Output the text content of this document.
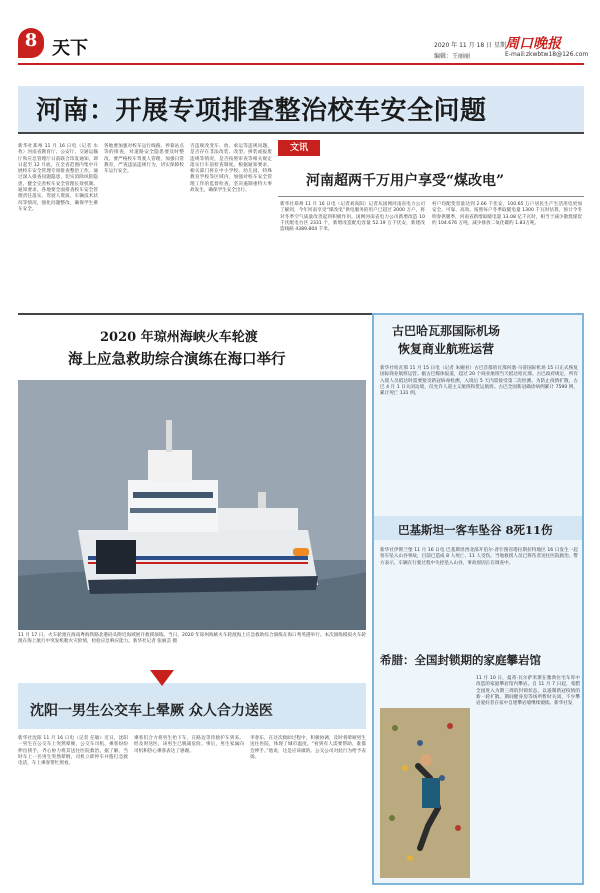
8 天下	2020 年 11 月 18 日 星期三
周口晚报
编辑：王丽丽	E-mail:zkwbtw18@126.com
河南：开展专项排查整治校车安全问题
新华社郑州 11 月 16 日电（记者 水孜）河南省教育厅、公安厅、交通运输厅和应急管理厅日前联合印发通知，即日起至 12 月底，在全省范围内集中开展校车安全管理专项排查整治工作。通过深入排查问题隐患，切实消除风险隐患，健全完善校车安全管理长效机制。通知要求，各地要全面排查校车安全管理责任落实、驾驶人资质、车辆技术状况等情况，强化问题整改，确保学生乘车安全。
各地要加强对校车运行线路、停靠站点等的排查，对道路安全隐患要及时整改。要严格校车驾驶人管理，加强日常教育，严查违法违规行为，切实保障校车运行安全。
否违规改变车、放、承运等违规问题，是否存在非法改装、改型、拼装或报废违规等情况，是否按照审查等相关规定落实行车前检查制度。根据通知要求，相关部门将在中小学校、幼儿园、特殊教育学校等区域内，加强对校车安全管理工作的监督检查，坚决遏制重特大事故发生，确保学生安全出行。
文讯
河南超两千万用户享受“煤改电”
新华社郑州 11 月 16 日电（记者刘高阳）记者从国网河南省电力公司了解到，今年河南享受“煤改电”供电服务的用户已超过 2000 万户，将对冬季空气质量改善起到积极作用。国网河南省电力公司新增改造 10 千伏配电台区 2331 个，新增改造配电容量 52.19 万千伏安，新建改造线路 4389.804 千米。
村户均配变容量达到 2.66 千伏安，100.65 万户居民生产生活用电更加安全、可靠、高效。按照每户冬季取暖电量 1300 千瓦时估算，预计今冬明春供暖季，河南省新增取暖电量 13.08 亿千瓦时，相当于减少散烧煤炭约 104.676 万吨，减少排放二氧化碳约 1.83万吨。
2020 年琼州海峡火车轮渡
海上应急救助综合演练在海口举行
11 月 17 日，火车轮渡在海南粤海铁路北港码头附近海域展开救援演练。当日，2020 年琼州海峡火车轮渡海上应急救助综合演练在海口秀英港举行。本次演练模拟火车轮渡在海上航行中突发机舱火灾险情，检验应急响应能力。新华社记者 张丽芸 摄
古巴哈瓦那国际机场
恢复商业航班运营
新华社哈瓦那 11 月 15 日电（记者 朱婉君）古巴首都哈瓦那何塞·马蒂国际机场 15 日正式恢复国际商业航班运营。据古巴媒体报道，超过 20 个商业航班当天抵达哈瓦那。古巴政府规定，所有入境人员抵达时需要接受新冠病毒检测，入境后 5 天内需接受第二次检测。为防止疫情扩散，古巴 4 月 1 日关闭边境，仅允许人道主义航班和货运航班。古巴全国新冠确诊病例累计 7590 例，累计死亡 131 例。
巴基斯坦一客车坠谷 8死11伤
新华社伊斯兰堡 11 月 16 日电 巴基斯坦西北部开伯尔-普什图省塔拉斯拉特地区 16 日发生一起客车坠入山谷事故，目前已造成 8 人死亡、11 人受伤。当地救援人员已将伤者送往医院救治。警方表示，车辆在行驶过程中失控坠入山谷，事故原因正在调查中。
希腊：全国封锁期的家庭攀岩馆
11 月 10 日，曼蒂·瓦尔萨米斯在雅典住宅车库中改造的家庭攀岩馆内攀岩。自 11 月 7 日起，希腊全国进入为期三周的封锁状态，以遏制新冠疫情的新一轮扩散。期间健身房等场所暂时关闭，不少攀岩爱好者在家中自建攀岩墙继续锻炼。新华社发
沈阳一男生公交车上晕厥 众人合力送医
新华社沈阳 11 月 16 日电（记者 任敏）近日，沈阳一男生在公交车上突然晕厥，公交车司机、乘客纷纷伸出援手，齐心协力将其送往医院救治。据了解，当时车上一名男生突然晕倒，司机立即停车并拨打急救电话，车上乘客帮忙照看。
乘客们合力将男生抬下车，在路边等待救护车到来。经及时送医，该男生已脱离危险。事后，男生家属向司机和热心乘客表达了感谢。
李春东，在这次救助过程中，积极协调，及时将晕厥男生送往医院，体现了城市温度。“看到有人需要帮助，谁都会伸手。”他说，这是应该做的。公交公司对此行为给予表扬。
